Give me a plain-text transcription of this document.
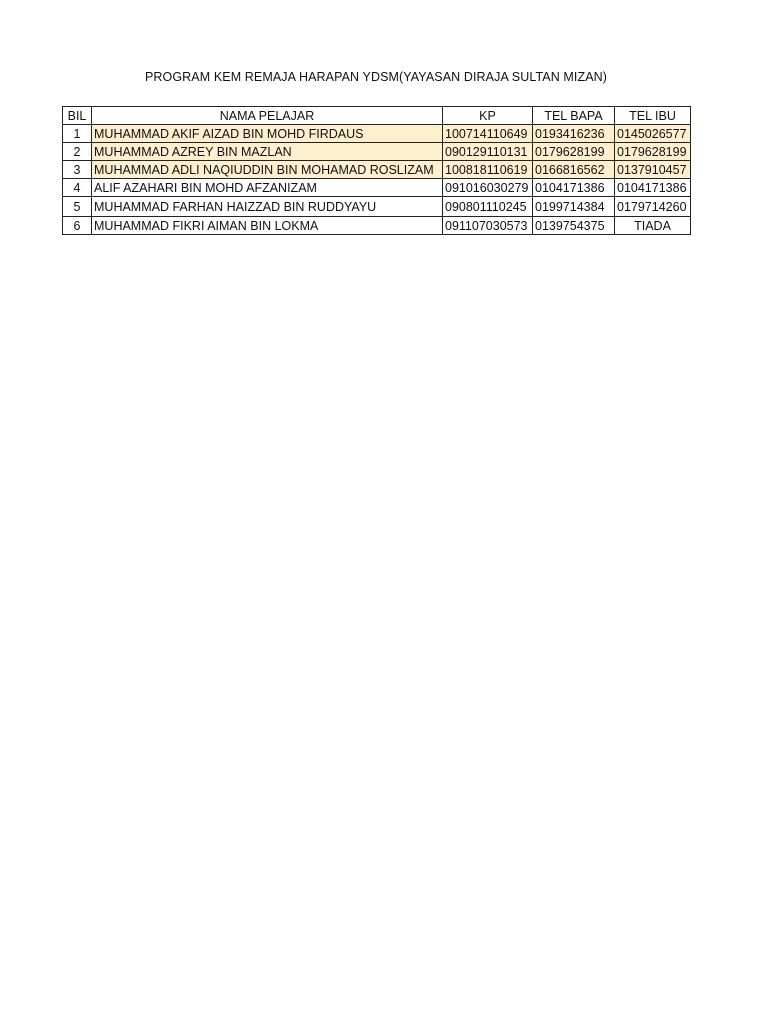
PROGRAM KEM REMAJA HARAPAN YDSM(YAYASAN DIRAJA SULTAN MIZAN)
BIL	NAMA PELAJAR	KP	TEL BAPA	TEL IBU
1	MUHAMMAD AKIF AIZAD BIN MOHD FIRDAUS	100714110649	0193416236	0145026577
2	MUHAMMAD AZREY BIN MAZLAN	090129110131	0179628199	0179628199
3	MUHAMMAD ADLI NAQIUDDIN BIN MOHAMAD ROSLIZAM	100818110619	0166816562	0137910457
4	ALIF AZAHARI BIN MOHD AFZANIZAM	091016030279	0104171386	0104171386
5	MUHAMMAD FARHAN HAIZZAD BIN RUDDYAYU	090801110245	0199714384	0179714260
6	MUHAMMAD FIKRI AIMAN BIN LOKMA	091107030573	0139754375	TIADA
